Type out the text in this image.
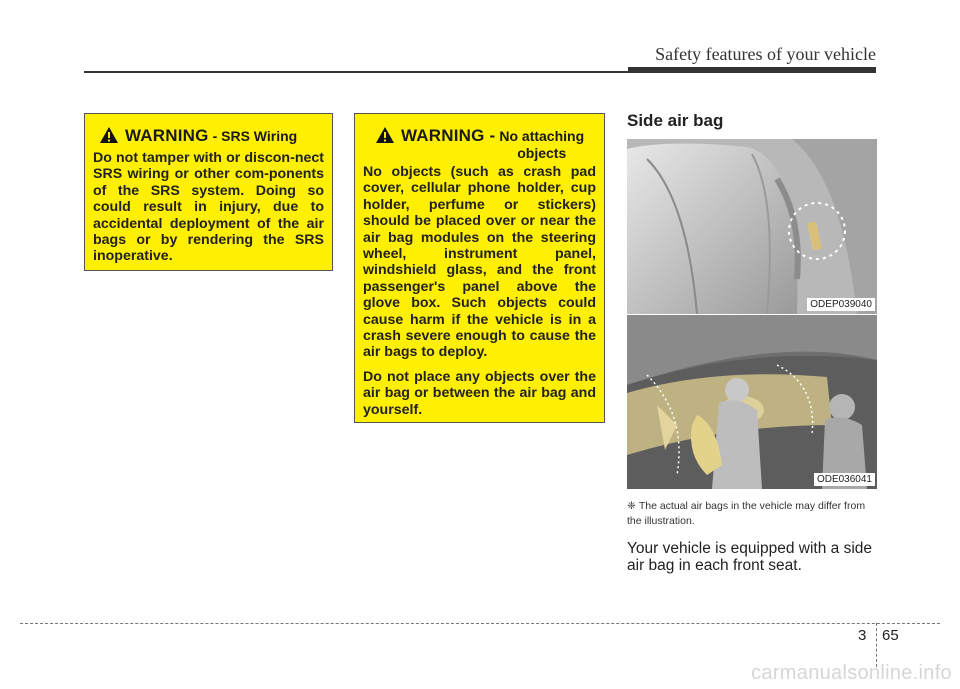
Safety features of your vehicle
WARNING - SRS Wiring

Do not tamper with or discon-nect SRS wiring or other com-ponents of the SRS system. Doing so could result in injury, due to accidental deployment of the air bags or by rendering the SRS inoperative.

WARNING - No attaching
objects

No objects (such as crash pad cover, cellular phone holder, cup holder, perfume or stickers) should be placed over or near the air bag modules on the steering wheel, instrument panel, windshield glass, and the front passenger's panel above the glove box. Such objects could cause harm if the vehicle is in a crash severe enough to cause the air bags to deploy.

Do not place any objects over the air bag or between the air bag and yourself.

Side air bag
ODEP039040
ODE036041
❈ The actual air bags in the vehicle may differ from the illustration.
Your vehicle is equipped with a side air bag in each front seat.
3 65
carmanualsonline.info
